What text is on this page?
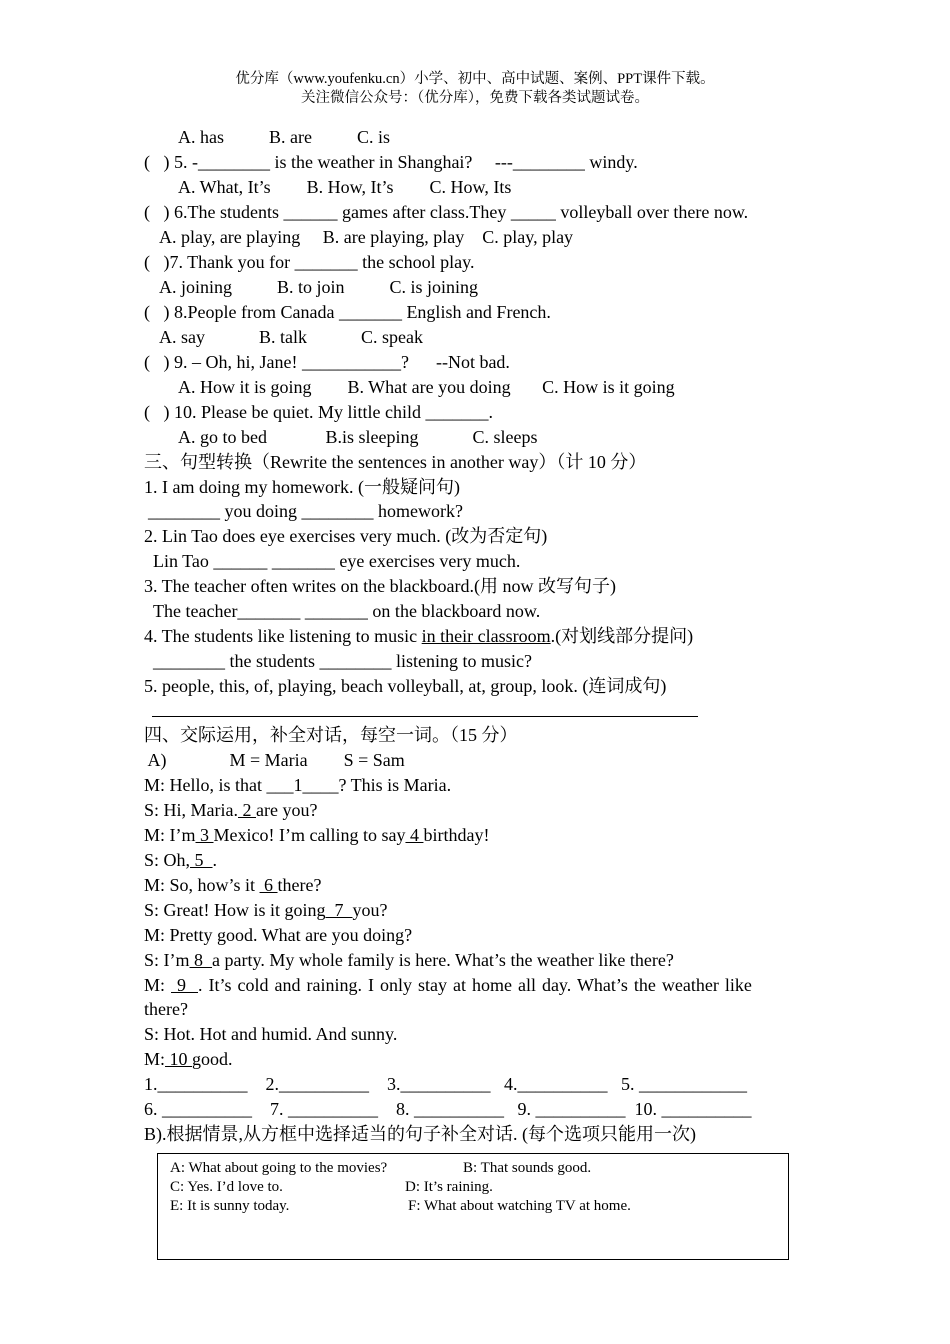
优分库（www.youfenku.cn）小学、初中、高中试题、案例、PPT课件下载。
关注微信公众号：（优分库），免费下载各类试题试卷。
A. has          B. are          C. is
(   ) 5. -________ is the weather in Shanghai?     ---________ windy.
A. What, It’s        B. How, It’s        C. How, Its
(   ) 6.The students ______ games after class.They _____ volleyball over there now.
A. play, are playing     B. are playing, play    C. play, play
(   )7. Thank you for _______ the school play.
A. joining          B. to join          C. is joining
(   ) 8.People from Canada _______ English and French.
A. say            B. talk            C. speak
(   ) 9. – Oh, hi, Jane! ___________?      --Not bad.
A. How it is going        B. What are you doing       C. How is it going
(   ) 10. Please be quiet. My little child _______.
A. go to bed             B.is sleeping            C. sleeps
三、句型转换（Rewrite the sentences in another way）（计 10 分）
1. I am doing my homework. (一般疑问句)
________ you doing ________ homework?
2. Lin Tao does eye exercises very much. (改为否定句)
Lin Tao ______ _______ eye exercises very much.
3. The teacher often writes on the blackboard.(用 now 改写句子)
The teacher_______ _______ on the blackboard now.
4. The students like listening to music in their classroom.(对划线部分提问)
________ the students ________ listening to music?
5. people, this, of, playing, beach volleyball, at, group, look. (连词成句)
四、交际运用，补全对话，每空一词。（15 分）
A)              M = Maria        S = Sam
M: Hello, is that ___1____? This is Maria.
S: Hi, Maria. 2 are you?
M: I’m 3 Mexico! I’m calling to say 4 birthday!
S: Oh, 5  .
M: So, how’s it  6 there?
S: Great! How is it going  7  you?
M: Pretty good. What are you doing?
S: I’m 8  a party. My whole family is here. What’s the weather like there?
M:  9  . It’s cold and raining. I only stay at home all day. What’s the weather like
there?
S: Hot. Hot and humid. And sunny.
M: 10 good.
1.__________    2.__________    3.__________   4.__________   5. ____________
6. __________    7. __________    8. __________   9. __________  10. __________
B).根据情景,从方框中选择适当的句子补全对话. (每个选项只能用一次)
A: What about going to the movies?	B: That sounds good.
C: Yes. I’d love to.	D: It’s raining.
E: It is sunny today.	F: What about watching TV at home.
